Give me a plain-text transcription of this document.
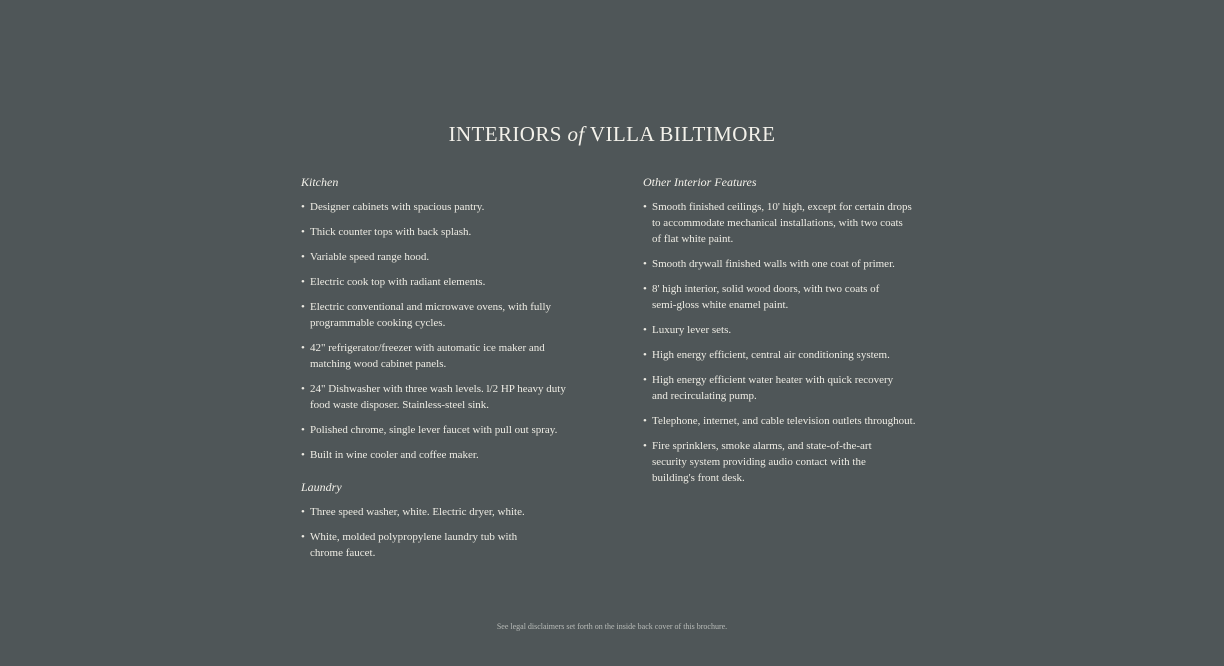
INTERIORS of VILLA BILTIMORE
Kitchen
• Designer cabinets with spacious pantry.
• Thick counter tops with back splash.
• Variable speed range hood.
• Electric cook top with radiant elements.
• Electric conventional and microwave ovens, with fully
programmable cooking cycles.
• 42" refrigerator/freezer with automatic ice maker and
matching wood cabinet panels.
• 24" Dishwasher with three wash levels. l/2 HP heavy duty
food waste disposer. Stainless-steel sink.
• Polished chrome, single lever faucet with pull out spray.
• Built in wine cooler and coffee maker.
Laundry
• Three speed washer, white. Electric dryer, white.
• White, molded polypropylene laundry tub with
chrome faucet.
Other Interior Features
• Smooth finished ceilings, 10' high, except for certain drops
to accommodate mechanical installations, with two coats
of flat white paint.
• Smooth drywall finished walls with one coat of primer.
• 8' high interior, solid wood doors, with two coats of
semi-gloss white enamel paint.
• Luxury lever sets.
• High energy efficient, central air conditioning system.
• High energy efficient water heater with quick recovery
and recirculating pump.
• Telephone, internet, and cable television outlets throughout.
• Fire sprinklers, smoke alarms, and state-of-the-art
security system providing audio contact with the
building's front desk.
See legal disclaimers set forth on the inside back cover of this brochure.
